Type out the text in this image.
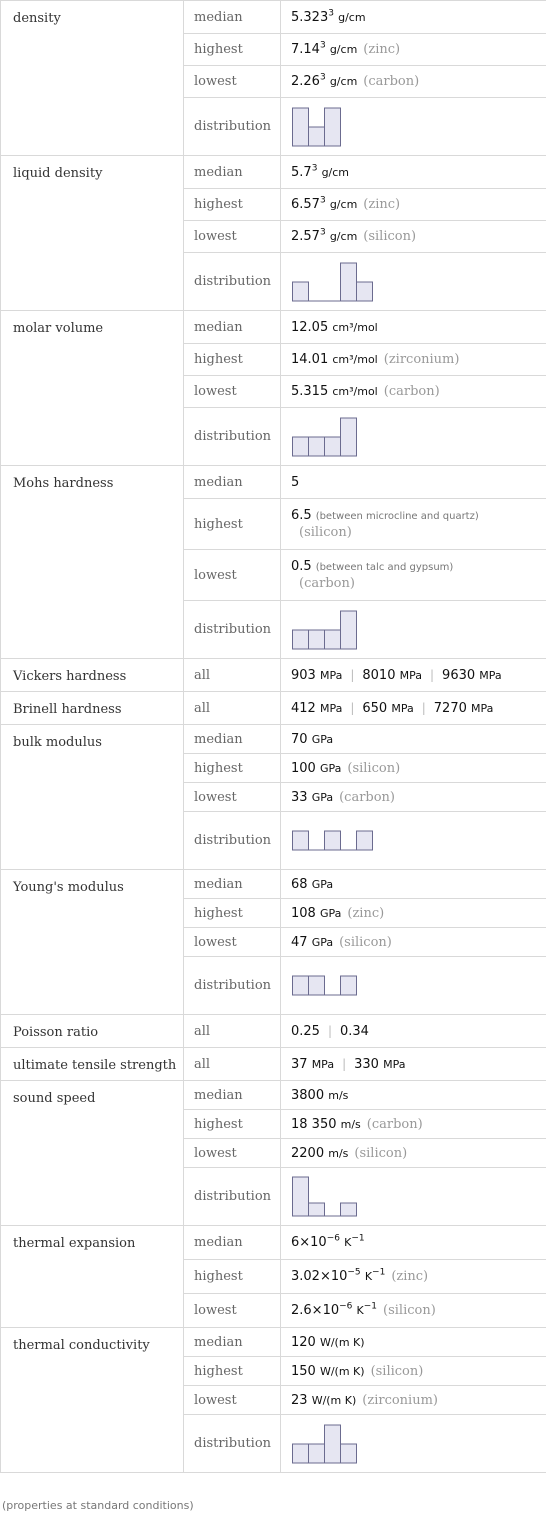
density	median	5.323$^3$ g/cm
	highest	7.14$^3$ g/cm (zinc)
	lowest	2.26$^3$ g/cm (carbon)
	distribution	

liquid density	median	$5.7^3$ g/cm
	highest	6.57$^3$ g/cm (zinc)
	lowest	2.57$^3$ g/cm (silicon)
	distribution	

molar volume	median	12.05 cm³/mol
	highest	14.01 cm³/mol (zirconium)
	lowest	5.315 cm³/mol (carbon)
	distribution	

Mohs hardness	median	5
	highest	6.5 (between microcline and quartz)
(silicon)

	lowest	0.5 (between talc and gypsum)
(carbon)

	distribution	

Vickers hardness	all	903 MPa | 8010 MPa | 9630 MPa
Brinell hardness	all	412 MPa | 650 MPa | 7270 MPa
bulk modulus	median	70 GPa
	highest	100 GPa (silicon)
	lowest	33 GPa (carbon)
	distribution	

Young's modulus	median	68 GPa
	highest	108 GPa (zinc)
	lowest	47 GPa (silicon)
	distribution	

Poisson ratio	all	0.25 | 0.34
ultimate tensile strength	all	37 MPa | 330 MPa
sound speed	median	3800 m/s
	highest	18 350 m/s (carbon)
	lowest	2200 m/s (silicon)
	distribution	

thermal expansion	median	$6\times 10^{-6}$ $K^{-1}$
	highest	$3.02\times 10^{-5}$ $K^{-1}$ (zinc)
	lowest	$2.6\times 10^{-6}$ $K^{-1}$ (silicon)
thermal conductivity	median	120 W/(m K)
	highest	150 W/(m K) (silicon)
	lowest	23 W/(m K) (zirconium)
	distribution	
(properties at standard conditions)
